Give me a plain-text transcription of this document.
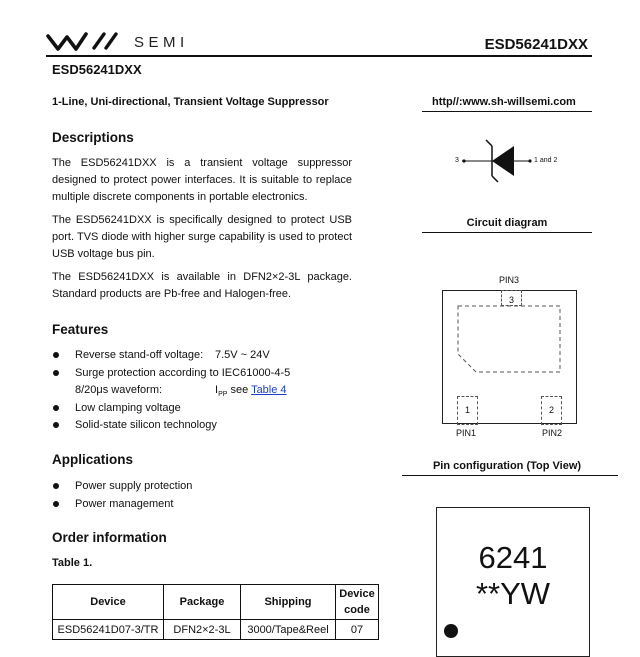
SEMI	ESD56241DXX
ESD56241DXX
1-Line, Uni-directional, Transient Voltage Suppressor	http//:www.sh-willsemi.com
Descriptions

The ESD56241DXX is a transient voltage suppressor designed to protect power interfaces. It is suitable to replace multiple discrete components in portable electronics.

The ESD56241DXX is specifically designed to protect USB port. TVS diode with higher surge capability is used to protect USB voltage bus pin.

The ESD56241DXX is available in DFN2×2-3L package. Standard products are Pb-free and Halogen-free.

Features
Reverse stand-off voltage: 7.5V ~ 24V
Surge protection according to IEC61000-4-5
8/20μs waveform:	$I_{PP}$ see Table 4
Low clamping voltage
Solid-state silicon technology
Applications
Power supply protection
Power management
Order information
Table 1.
Device	Package	Shipping	Device code
ESD56241D07-3/TR	DFN2×2-3L	3000/Tape&Reel	07
3	1 and 2
Circuit diagram
PIN3
3
1	2
PIN1	PIN2
Pin configuration (Top View)
6241
**YW
